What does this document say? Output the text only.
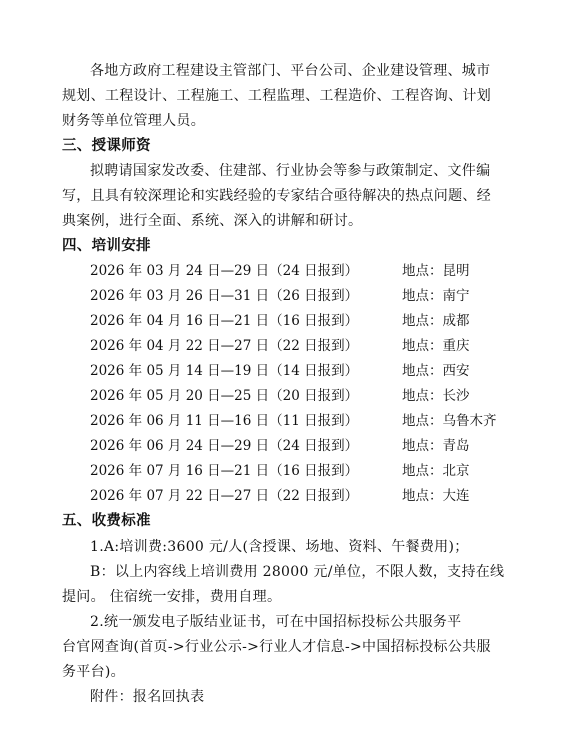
各地方政府工程建设主管部门、平台公司、企业建设管理、城市
规划、工程设计、工程施工、工程监理、工程造价、工程咨询、计划
财务等单位管理人员。
三、授课师资
拟聘请国家发改委、住建部、行业协会等参与政策制定、文件编
写，且具有较深理论和实践经验的专家结合亟待解决的热点问题、经
典案例，进行全面、系统、深入的讲解和研讨。
四、培训安排
2026 年 03 月 24 日—29 日（24 日报到）	地点：昆明
2026 年 03 月 26 日—31 日（26 日报到）	地点：南宁
2026 年 04 月 16 日—21 日（16 日报到）	地点：成都
2026 年 04 月 22 日—27 日（22 日报到）	地点：重庆
2026 年 05 月 14 日—19 日（14 日报到）	地点：西安
2026 年 05 月 20 日—25 日（20 日报到）	地点：长沙
2026 年 06 月 11 日—16 日（11 日报到）	地点：乌鲁木齐
2026 年 06 月 24 日—29 日（24 日报到）	地点：青岛
2026 年 07 月 16 日—21 日（16 日报到）	地点：北京
2026 年 07 月 22 日—27 日（22 日报到）	地点：大连
五、收费标准
1.A:培训费:3600 元/人(含授课、场地、资料、午餐费用)；
B：以上内容线上培训费用 28000 元/单位，不限人数，支持在线
提问。 住宿统一安排，费用自理。
2.统一颁发电子版结业证书，可在中国招标投标公共服务平
台官网查询(首页->行业公示->行业人才信息->中国招标投标公共服
务平台)。
附件：报名回执表
